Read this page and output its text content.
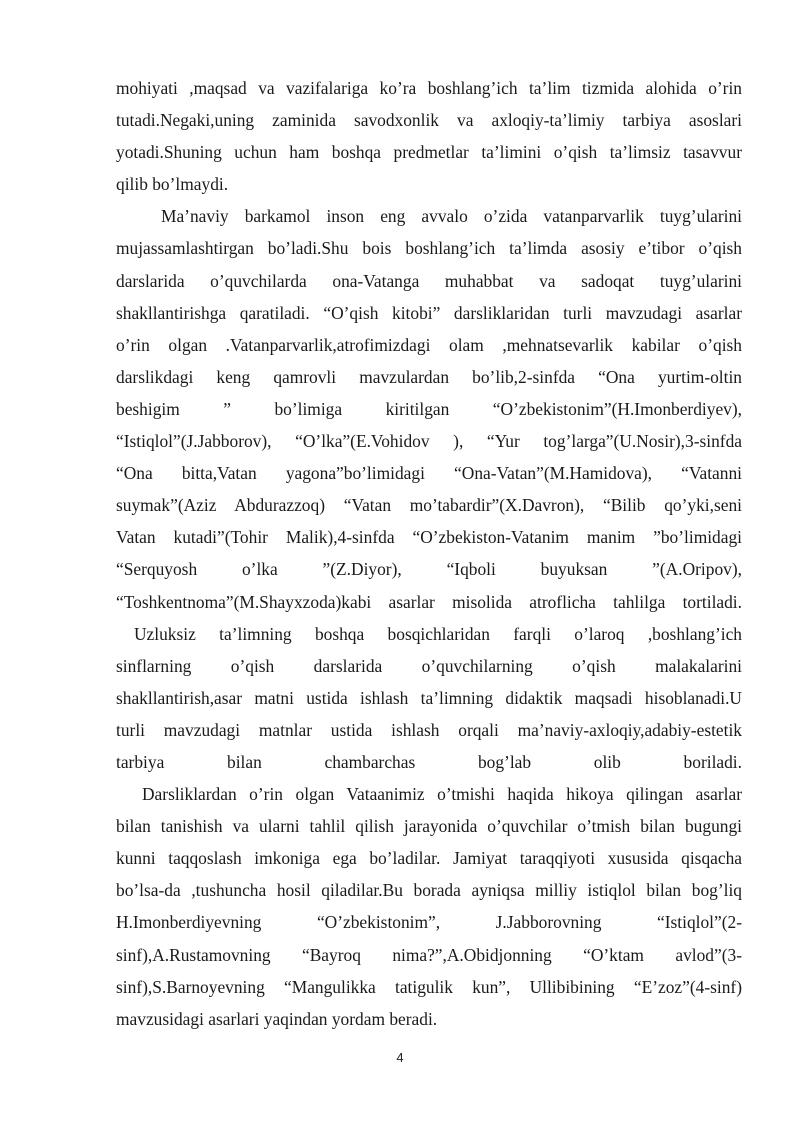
mohiyati ,maqsad va vazifalariga ko’ra boshlang’ich ta’lim tizmida alohida o’rin
tutadi.Negaki,uning zaminida savodxonlik va axloqiy-ta’limiy tarbiya asoslari
yotadi.Shuning uchun ham boshqa predmetlar ta’limini o’qish ta’limsiz tasavvur
qilib bo’lmaydi.
Ma’naviy barkamol inson eng avvalo o’zida vatanparvarlik tuyg’ularini
mujassamlashtirgan bo’ladi.Shu bois boshlang’ich ta’limda asosiy e’tibor o’qish
darslarida o’quvchilarda ona-Vatanga muhabbat va sadoqat tuyg’ularini
shakllantirishga qaratiladi. “O’qish kitobi” darsliklaridan turli mavzudagi asarlar
o’rin olgan .Vatanparvarlik,atrofimizdagi olam ,mehnatsevarlik kabilar o’qish
darslikdagi keng qamrovli mavzulardan bo’lib,2-sinfda “Ona yurtim-oltin
beshigim ” bo’limiga kiritilgan “O’zbekistonim”(H.Imonberdiyev),
“Istiqlol”(J.Jabborov), “O’lka”(E.Vohidov ), “Yur tog’larga”(U.Nosir),3-sinfda
“Ona bitta,Vatan yagona”bo’limidagi “Ona-Vatan”(M.Hamidova), “Vatanni
suymak”(Aziz Abdurazzoq) “Vatan mo’tabardir”(X.Davron), “Bilib qo’yki,seni
Vatan kutadi”(Tohir Malik),4-sinfda “O’zbekiston-Vatanim manim ”bo’limidagi
“Serquyosh o’lka ”(Z.Diyor), “Iqboli buyuksan ”(A.Oripov),
“Toshkentnoma”(M.Shayxzoda)kabi asarlar misolida atroflicha tahlilga tortiladi.
Uzluksiz ta’limning boshqa bosqichlaridan farqli o’laroq ,boshlang’ich
sinflarning o’qish darslarida o’quvchilarning o’qish malakalarini
shakllantirish,asar matni ustida ishlash ta’limning didaktik maqsadi hisoblanadi.U
turli mavzudagi matnlar ustida ishlash orqali ma’naviy-axloqiy,adabiy-estetik
tarbiya bilan chambarchas bog’lab olib boriladi.
Darsliklardan o’rin olgan Vataanimiz o’tmishi haqida hikoya qilingan asarlar
bilan tanishish va ularni tahlil qilish jarayonida o’quvchilar o’tmish bilan bugungi
kunni taqqoslash imkoniga ega bo’ladilar. Jamiyat taraqqiyoti xususida qisqacha
bo’lsa-da ,tushuncha hosil qiladilar.Bu borada ayniqsa milliy istiqlol bilan bog’liq
H.Imonberdiyevning “O’zbekistonim”, J.Jabborovning “Istiqlol”(2-
sinf),A.Rustamovning “Bayroq nima?”,A.Obidjonning “O’ktam avlod”(3-
sinf),S.Barnoyevning “Mangulikka tatigulik kun”, Ullibibining “E’zoz”(4-sinf)
mavzusidagi asarlari yaqindan yordam beradi.
4
